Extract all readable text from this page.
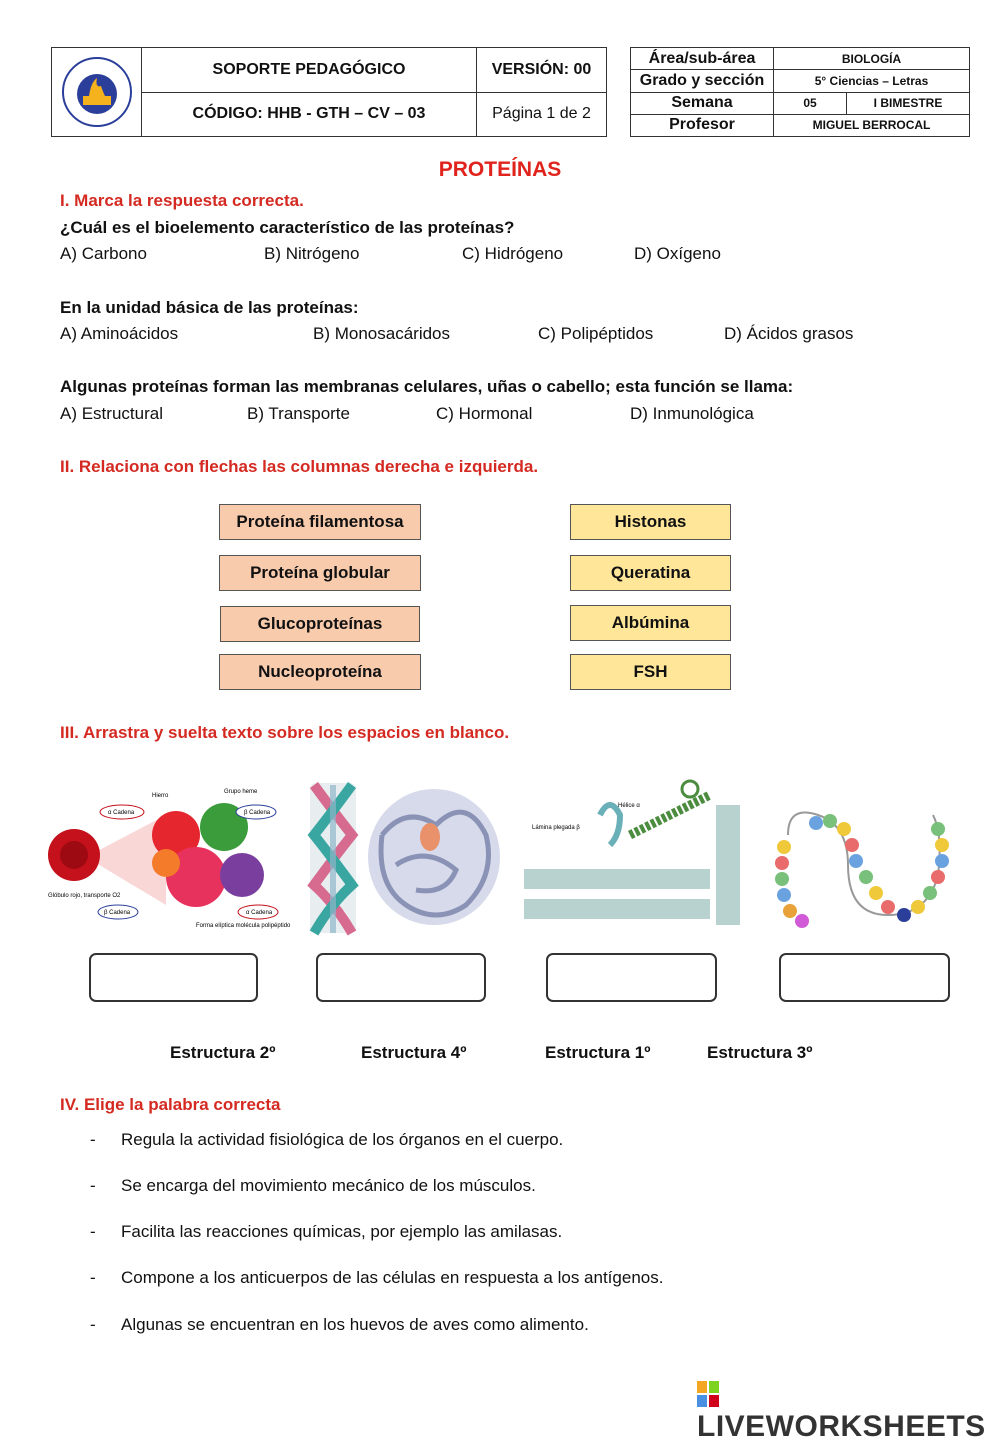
	SOPORTE PEDAGÓGICO	VERSIÓN: 00
	CÓDIGO: HHB - GTH – CV – 03	Página 1 de 2
Área/sub-área	BIOLOGÍA	
Grado y sección	5° Ciencias – Letras	
Semana	05	I BIMESTRE
Profesor	MIGUEL BERROCAL	
PROTEÍNAS
I. Marca la respuesta correcta.
¿Cuál es el bioelemento característico de las proteínas?
A) Carbono	B) Nitrógeno	C) Hidrógeno	D) Oxígeno
En la unidad básica de las proteínas:
A) Aminoácidos	B) Monosacáridos	C) Polipéptidos	D) Ácidos grasos
Algunas proteínas forman las membranas celulares, uñas o cabello; esta función se llama:
A) Estructural	B) Transporte	C) Hormonal	D) Inmunológica
II. Relaciona con flechas las columnas derecha e izquierda.
Proteína filamentosa
Proteína globular
Glucoproteínas
Nucleoproteína
Histonas
Queratina
Albúmina
FSH
III. Arrastra y suelta texto sobre los espacios en blanco.
Hierro
Grupo heme
α Cadena	β Cadena
β Cadena	α Cadena
Glóbulo rojo, transporte O2
Forma elíptica molécula polipéptido
Hélice α
Lámina plegada β
Estructura 2º	Estructura 4º	Estructura 1º	Estructura 3º
IV. Elige la palabra correcta
- Regula la actividad fisiológica de los órganos en el cuerpo.
- Se encarga del movimiento mecánico de los músculos.
- Facilita las reacciones químicas, por ejemplo las amilasas.
- Compone a los anticuerpos de las células en respuesta a los antígenos.
- Algunas se encuentran en los huevos de aves como alimento.
LIVEWORKSHEETS
